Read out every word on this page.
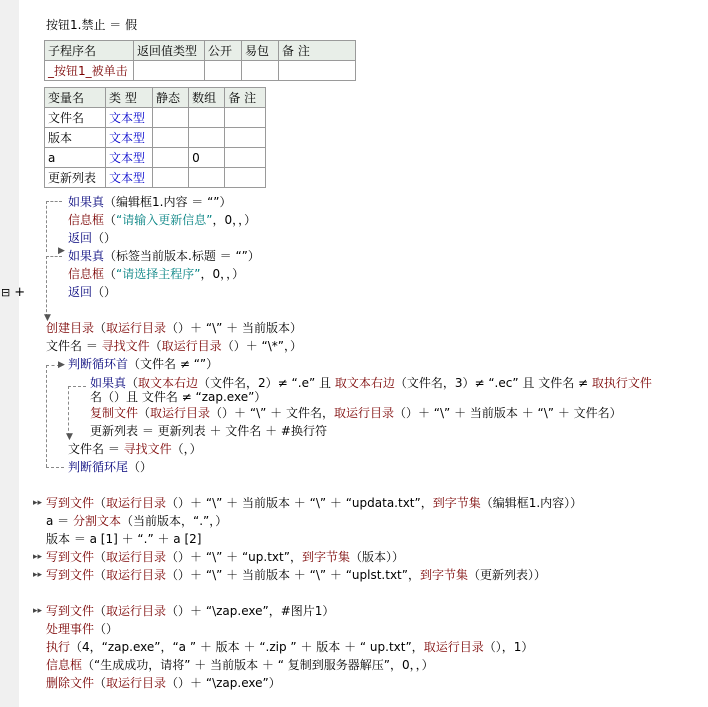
⊟ +
按钮1.禁止 ＝ 假
子程序名	返回值类型	公开	易包	备 注
_按钮1_被单击				
变量名	类 型	静态	数组	备 注
文件名	文本型			
版本	文本型			
a	文本型		0	
更新列表	文本型			
▶
▼
▶
▼
如果真（编辑框1.内容 ＝ “”）
信息框（“请输入更新信息”，0，，）
返回（）
如果真（标签当前版本.标题 ＝ “”）
信息框（“请选择主程序”，0，，）
返回（）
创建目录（取运行目录（）＋ “\” ＋ 当前版本）
文件名 ＝ 寻找文件（取运行目录（）＋ “\*”，）
判断循环首（文件名 ≠ “”）
如果真（取文本右边（文件名，2）≠ “.e” 且 取文本右边（文件名，3）≠ “.ec” 且 文件名 ≠ 取执行文件
名（）且 文件名 ≠ “zap.exe”）
复制文件（取运行目录（）＋ “\” ＋ 文件名，取运行目录（）＋ “\” ＋ 当前版本 ＋ “\” ＋ 文件名）
更新列表 ＝ 更新列表 ＋ 文件名 ＋ #换行符
文件名 ＝ 寻找文件（，）
判断循环尾（）
▸▸ 写到文件（取运行目录（）＋ “\” ＋ 当前版本 ＋ “\” ＋ “updata.txt”，到字节集（编辑框1.内容））
a ＝ 分割文本（当前版本，“.”，）
版本 ＝ a [1] ＋ “.” ＋ a [2]
▸▸ 写到文件（取运行目录（）＋ “\” ＋ “up.txt”，到字节集（版本））
▸▸ 写到文件（取运行目录（）＋ “\” ＋ 当前版本 ＋ “\” ＋ “uplst.txt”，到字节集（更新列表））
▸▸ 写到文件（取运行目录（）＋ “\zap.exe”，#图片1）
处理事件（）
执行（4，“zap.exe”，“a ” ＋ 版本 ＋ “.zip ” ＋ 版本 ＋ “ up.txt”，取运行目录（），1）
信息框（“生成成功，请将” ＋ 当前版本 ＋ “ 复制到服务器解压”，0，，）
删除文件（取运行目录（）＋ “\zap.exe”）
